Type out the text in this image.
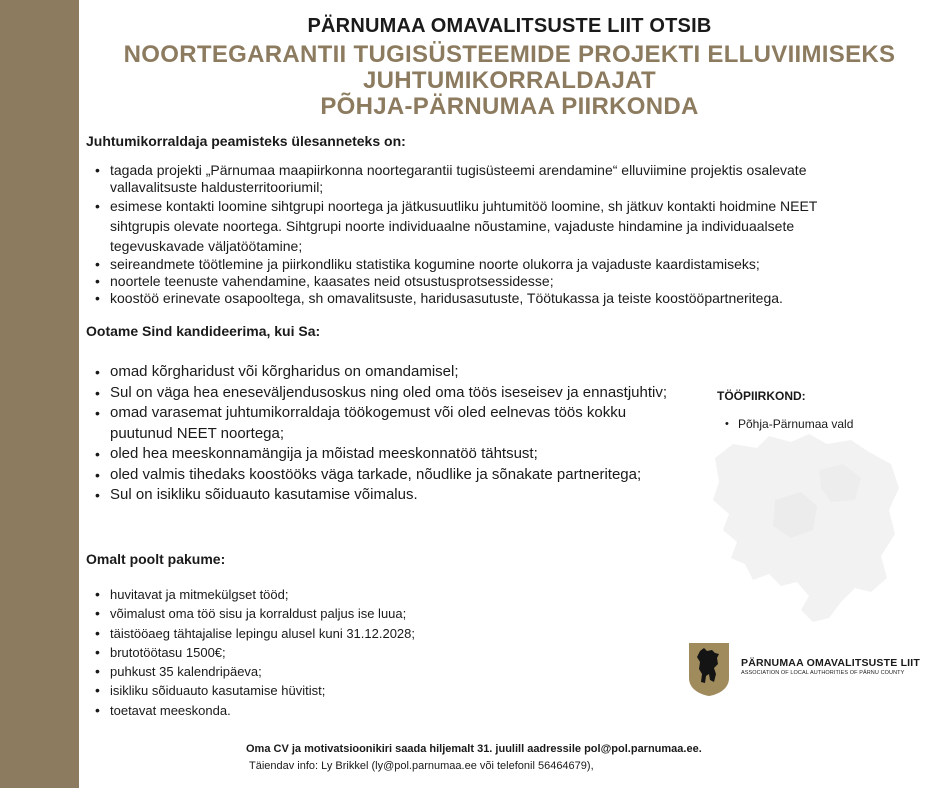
PÄRNUMAA OMAVALITSUSTE LIIT OTSIB
NOORTEGARANTII TUGISÜSTEEMIDE PROJEKTI ELLUVIIMISEKS
JUHTUMIKORRALDAJAT
PÕHJA-PÄRNUMAA PIIRKONDA
Juhtumikorraldaja peamisteks ülesanneteks on:
• tagada projekti „Pärnumaa maapiirkonna noortegarantii tugisüsteemi arendamine“ elluviimine projektis osalevate vallavalitsuste haldusterritooriumil;
• esimese kontakti loomine sihtgrupi noortega ja jätkusuutliku juhtumitöö loomine, sh jätkuv kontakti hoidmine NEET sihtgrupis olevate noortega. Sihtgrupi noorte individuaalne nõustamine, vajaduste hindamine ja individuaalsete tegevuskavade väljatöötamine;
• seireandmete töötlemine ja piirkondliku statistika kogumine noorte olukorra ja vajaduste kaardistamiseks;
• noortele teenuste vahendamine, kaasates neid otsustusprotsessidesse;
• koostöö erinevate osapooltega, sh omavalitsuste, haridusasutuste, Töötukassa ja teiste koostööpartneritega.
Ootame Sind kandideerima, kui Sa:
• omad kõrgharidust või kõrgharidus on omandamisel;
• Sul on väga hea eneseväljendusoskus ning oled oma töös iseseisev ja ennastjuhtiv;
• omad varasemat juhtumikorraldaja töökogemust või oled eelnevas töös kokku puutunud NEET noortega;
• oled hea meeskonnamängija ja mõistad meeskonnatöö tähtsust;
• oled valmis tihedaks koostööks väga tarkade, nõudlike ja sõnakate partneritega;
• Sul on isikliku sõiduauto kasutamise võimalus.
Omalt poolt pakume:
• huvitavat ja mitmekülgset tööd;
• võimalust oma töö sisu ja korraldust paljus ise luua;
• täistööaeg tähtajalise lepingu alusel kuni 31.12.2028;
• brutotöötasu 1500€;
• puhkust 35 kalendripäeva;
• isikliku sõiduauto kasutamise hüvitist;
• toetavat meeskonda.
TÖÖPIIRKOND:
• Põhja-Pärnumaa vald
PÄRNUMAA OMAVALITSUSTE LIIT
ASSOCIATION OF LOCAL AUTHORITIES OF PÄRNU COUNTY
Oma CV ja motivatsioonikiri saada hiljemalt 31. juulill aadressile pol@pol.parnumaa.ee.
Täiendav info: Ly Brikkel (ly@pol.parnumaa.ee või telefonil 56464679),
